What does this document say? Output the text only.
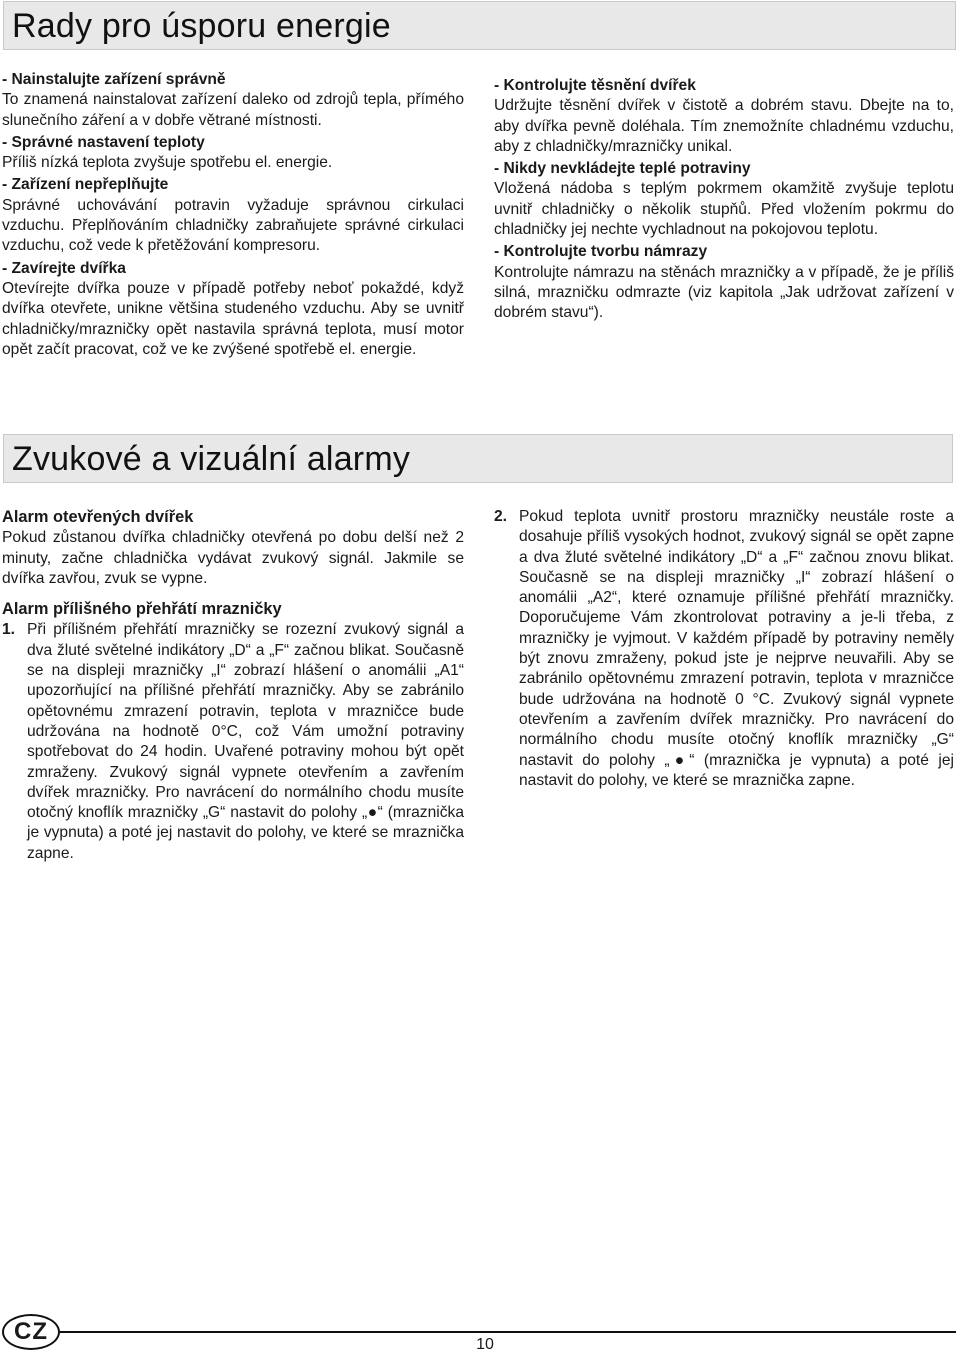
Rady pro úsporu energie

- Nainstalujte zařízení správně

To znamená nainstalovat zařízení daleko od zdrojů tepla, přímého slunečního záření a v dobře větrané místnosti.

- Správné nastavení teploty

Příliš nízká teplota zvyšuje spotřebu el. energie.

- Zařízení nepřeplňujte

Správné uchovávání potravin vyžaduje správnou cirkulaci vzduchu. Přeplňováním chladničky zabraňujete správné cirkulaci vzduchu, což vede k přetěžování kompresoru.

- Zavírejte dvířka

Otevírejte dvířka pouze v případě potřeby neboť pokaždé, když dvířka otevřete, unikne většina studeného vzduchu. Aby se uvnitř chladničky/mrazničky opět nastavila správná teplota, musí motor opět začít pracovat, což ve ke zvýšené spotřebě el. energie.

- Kontrolujte těsnění dvířek

Udržujte těsnění dvířek v čistotě a dobrém stavu. Dbejte na to, aby dvířka pevně doléhala. Tím znemožníte chladnému vzduchu, aby z chladničky/mrazničky unikal.

- Nikdy nevkládejte teplé potraviny

Vložená nádoba s teplým pokrmem okamžitě zvyšuje teplotu uvnitř chladničky o několik stupňů. Před vložením pokrmu do chladničky jej nechte vychladnout na pokojovou teplotu.

- Kontrolujte tvorbu námrazy

Kontrolujte námrazu na stěnách mrazničky a v případě, že je příliš silná, mrazničku odmrazte (viz kapitola „Jak udržovat zařízení v dobrém stavu“).

Zvukové a vizuální alarmy

Alarm otevřených dvířek

Pokud zůstanou dvířka chladničky otevřená po dobu delší než 2 minuty, začne chladnička vydávat zvukový signál. Jakmile se dvířka zavřou, zvuk se vypne.

Alarm přílišného přehřátí mrazničky

1. Při přílišném přehřátí mrazničky se rozezní zvukový signál a dva žluté světelné indikátory „D“ a „F“ začnou blikat. Současně se na displeji mrazničky „I“ zobrazí hlášení o anomálii „A1“ upozorňující na přílišné přehřátí mrazničky. Aby se zabránilo opětovnému zmrazení potravin, teplota v mrazničce bude udržována na hodnotě 0°C, což Vám umožní potraviny spotřebovat do 24 hodin. Uvařené potraviny mohou být opět zmraženy. Zvukový signál vypnete otevřením a zavřením dvířek mrazničky. Pro navrácení do normálního chodu musíte otočný knoflík mrazničky „G“ nastavit do polohy „●“ (mraznička je vypnuta) a poté jej nastavit do polohy, ve které se mraznička zapne.
2. Pokud teplota uvnitř prostoru mrazničky neustále roste a dosahuje příliš vysokých hodnot, zvukový signál se opět zapne a dva žluté světelné indikátory „D“ a „F“ začnou znovu blikat. Současně se na displeji mrazničky „I“ zobrazí hlášení o anomálii „A2“, které oznamuje přílišné přehřátí mrazničky. Doporučujeme Vám zkontrolovat potraviny a je-li třeba, z mrazničky je vyjmout. V každém případě by potraviny neměly být znovu zmraženy, pokud jste je nejprve neuvařili. Aby se zabránilo opětovnému zmrazení potravin, teplota v mrazničce bude udržována na hodnotě 0 °C. Zvukový signál vypnete otevřením a zavřením dvířek mrazničky. Pro navrácení do normálního chodu musíte otočný knoflík mrazničky „G“ nastavit do polohy „●“ (mraznička je vypnuta) a poté jej nastavit do polohy, ve které se mraznička zapne.
CZ	10
